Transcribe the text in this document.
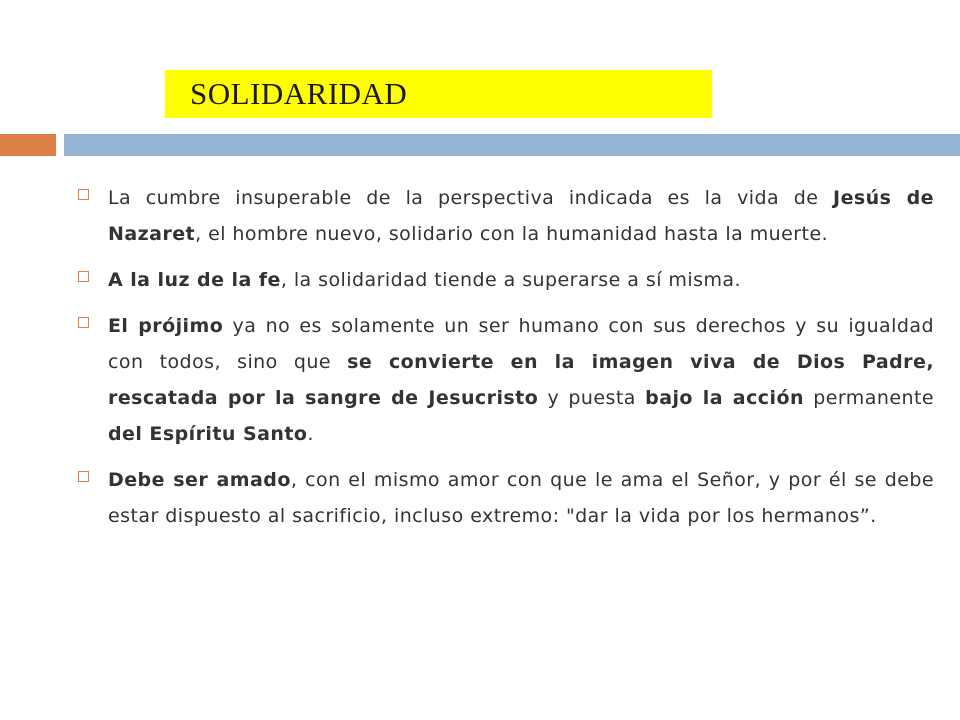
SOLIDARIDAD
La cumbre insuperable de la perspectiva indicada es la vida de Jesús de Nazaret, el hombre nuevo, solidario con la humanidad hasta la muerte.
A la luz de la fe, la solidaridad tiende a superarse a sí misma.
El prójimo ya no es solamente un ser humano con sus derechos y su igualdad con todos, sino que se convierte en la imagen viva de Dios Padre, rescatada por la sangre de Jesucristo y puesta bajo la acción permanente del Espíritu Santo.
Debe ser amado, con el mismo amor con que le ama el Señor, y por él se debe estar dispuesto al sacrificio, incluso extremo: "dar la vida por los hermanos”.
